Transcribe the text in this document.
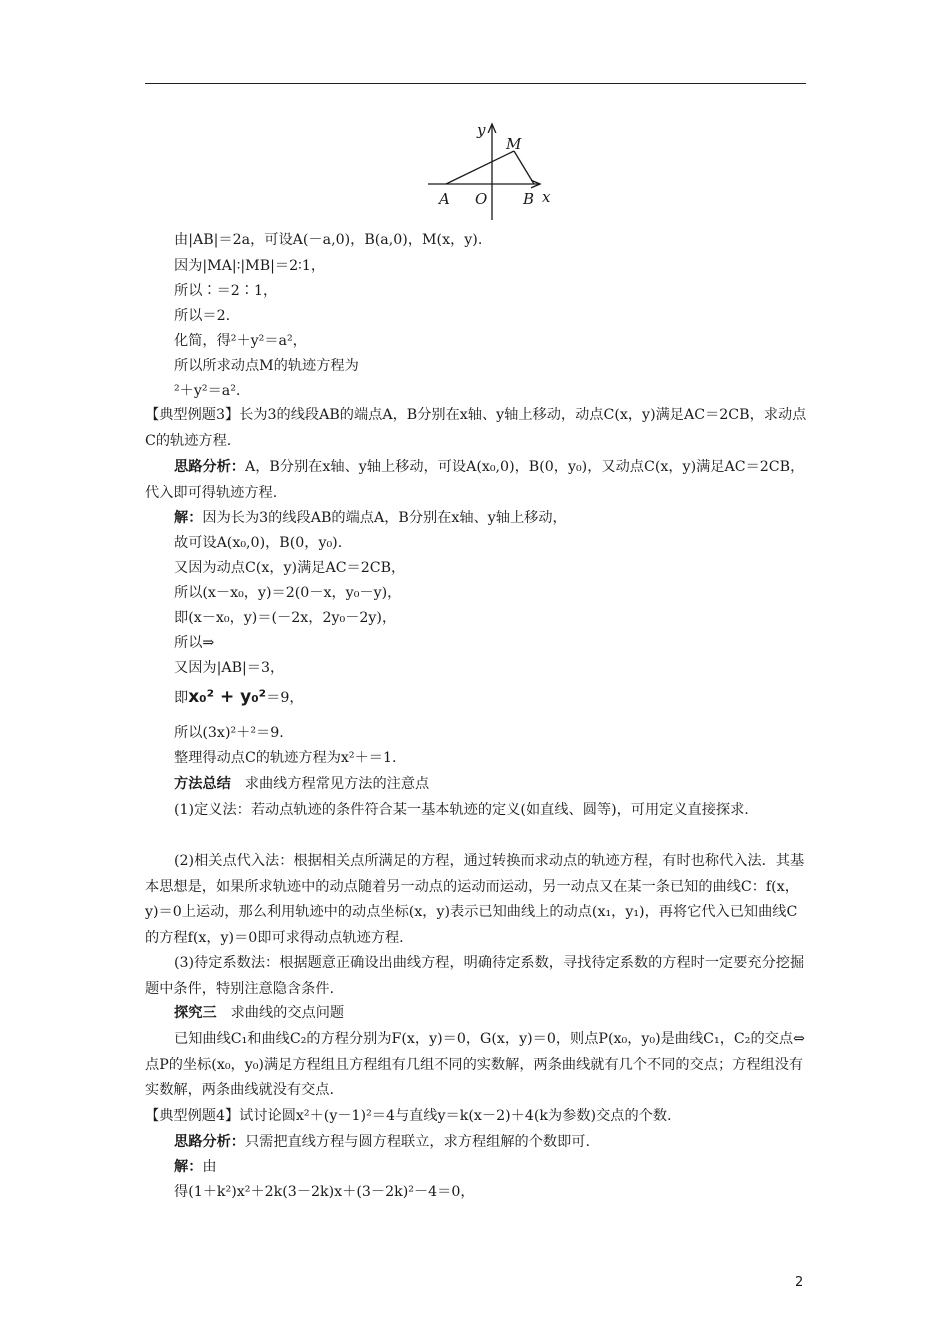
y
M
A O B x
由|AB|＝2a，可设A(－a,0)，B(a,0)，M(x，y).
因为|MA|∶|MB|＝2∶1，
所以∶＝2∶1，
所以＝2.
化简，得²＋y²＝a²，
所以所求动点M的轨迹方程为
²＋y²＝a².
【典型例题3】长为3的线段AB的端点A，B分别在x轴、y轴上移动，动点C(x，y)满足AC＝2CB，求动点C的轨迹方程.
思路分析：A，B分别在x轴、y轴上移动，可设A(x₀,0)，B(0，y₀)，又动点C(x，y)满足AC＝2CB，代入即可得轨迹方程.
解：因为长为3的线段AB的端点A，B分别在x轴、y轴上移动，
故可设A(x₀,0)，B(0，y₀).
又因为动点C(x，y)满足AC＝2CB，
所以(x－x₀，y)＝2(0－x，y₀－y)，
即(x－x₀，y)＝(－2x，2y₀－2y)，
所以⇒
又因为|AB|＝3，
即x₀² + y₀²＝9，
所以(3x)²＋²＝9.
整理得动点C的轨迹方程为x²＋＝1.
方法总结 求曲线方程常见方法的注意点
(1)定义法：若动点轨迹的条件符合某一基本轨迹的定义(如直线、圆等)，可用定义直接探求.
(2)相关点代入法：根据相关点所满足的方程，通过转换而求动点的轨迹方程，有时也称代入法．其基本思想是，如果所求轨迹中的动点随着另一动点的运动而运动，另一动点又在某一条已知的曲线C：f(x，y)＝0上运动，那么利用轨迹中的动点坐标(x，y)表示已知曲线上的动点(x₁，y₁)，再将它代入已知曲线C的方程f(x，y)＝0即可求得动点轨迹方程.
(3)待定系数法：根据题意正确设出曲线方程，明确待定系数，寻找待定系数的方程时一定要充分挖掘题中条件，特别注意隐含条件.
探究三 求曲线的交点问题
已知曲线C₁和曲线C₂的方程分别为F(x，y)＝0，G(x，y)＝0，则点P(x₀，y₀)是曲线C₁，C₂的交点⇔ 点P的坐标(x₀，y₀)满足方程组且方程组有几组不同的实数解，两条曲线就有几个不同的交点；方程组没有实数解，两条曲线就没有交点.
【典型例题4】试讨论圆x²＋(y－1)²＝4与直线y＝k(x－2)＋4(k为参数)交点的个数.
思路分析：只需把直线方程与圆方程联立，求方程组解的个数即可.
解：由
得(1＋k²)x²＋2k(3－2k)x＋(3－2k)²－4＝0，
2
